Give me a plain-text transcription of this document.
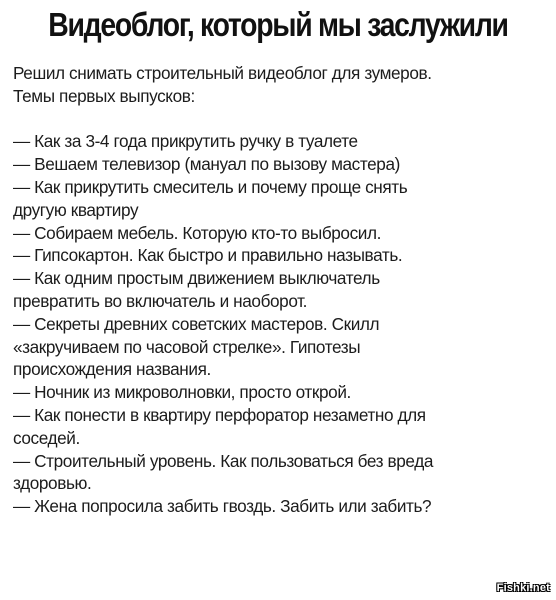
Видеоблог, который мы заслужили
Решил снимать строительный видеоблог для зумеров.
Темы первых выпусков:
— Как за 3-4 года прикрутить ручку в туалете
— Вешаем телевизор (мануал по вызову мастера)
— Как прикрутить смеситель и почему проще снять
другую квартиру
— Собираем мебель. Которую кто-то выбросил.
— Гипсокартон. Как быстро и правильно называть.
— Как одним простым движением выключатель
превратить во включатель и наоборот.
— Секреты древних советских мастеров. Скилл
«закручиваем по часовой стрелке». Гипотезы
происхождения названия.
— Ночник из микроволновки, просто открой.
— Как понести в квартиру перфоратор незаметно для
соседей.
— Строительный уровень. Как пользоваться без вреда
здоровью.
— Жена попросила забить гвоздь. Забить или забить?
Fishki.net
